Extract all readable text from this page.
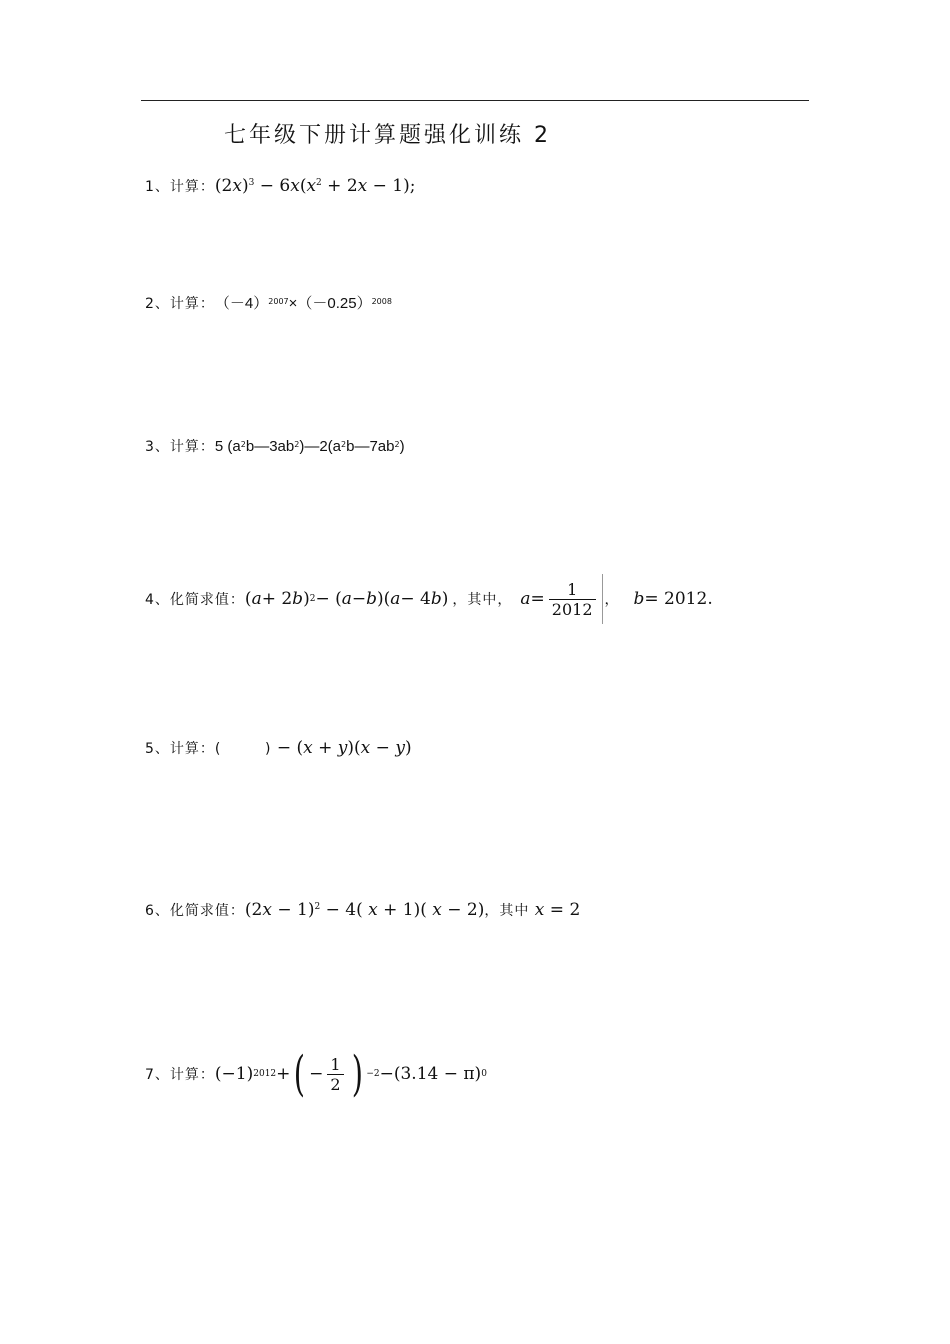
七年级下册计算题强化训练 2
1、计算： $(2x)^3 - 6x(x^2 + 2x - 1)$;
2、计算： $(-4)^{2007}\times(-0.25)^{2008}$
3、计算： 5 $(a^2b—3ab^2)—2(a^2b—7ab^2)$
4、化简求值： ( a + 2 b ) 2 − ( a − b )( a − 4 b ) ，其中， $a = \frac{1}{2012}$ ， b = 2012 .
5、计算： (        ) − (x + y)(x − y)
6、化简求值： $(2x - 1)^2 - 4$( x + 1)( x − 2)，其中 x = 2
7、计算： (−1) 2012 + ( − $\frac{1}{2}$ ) −2 − (3.14 − π) 0
